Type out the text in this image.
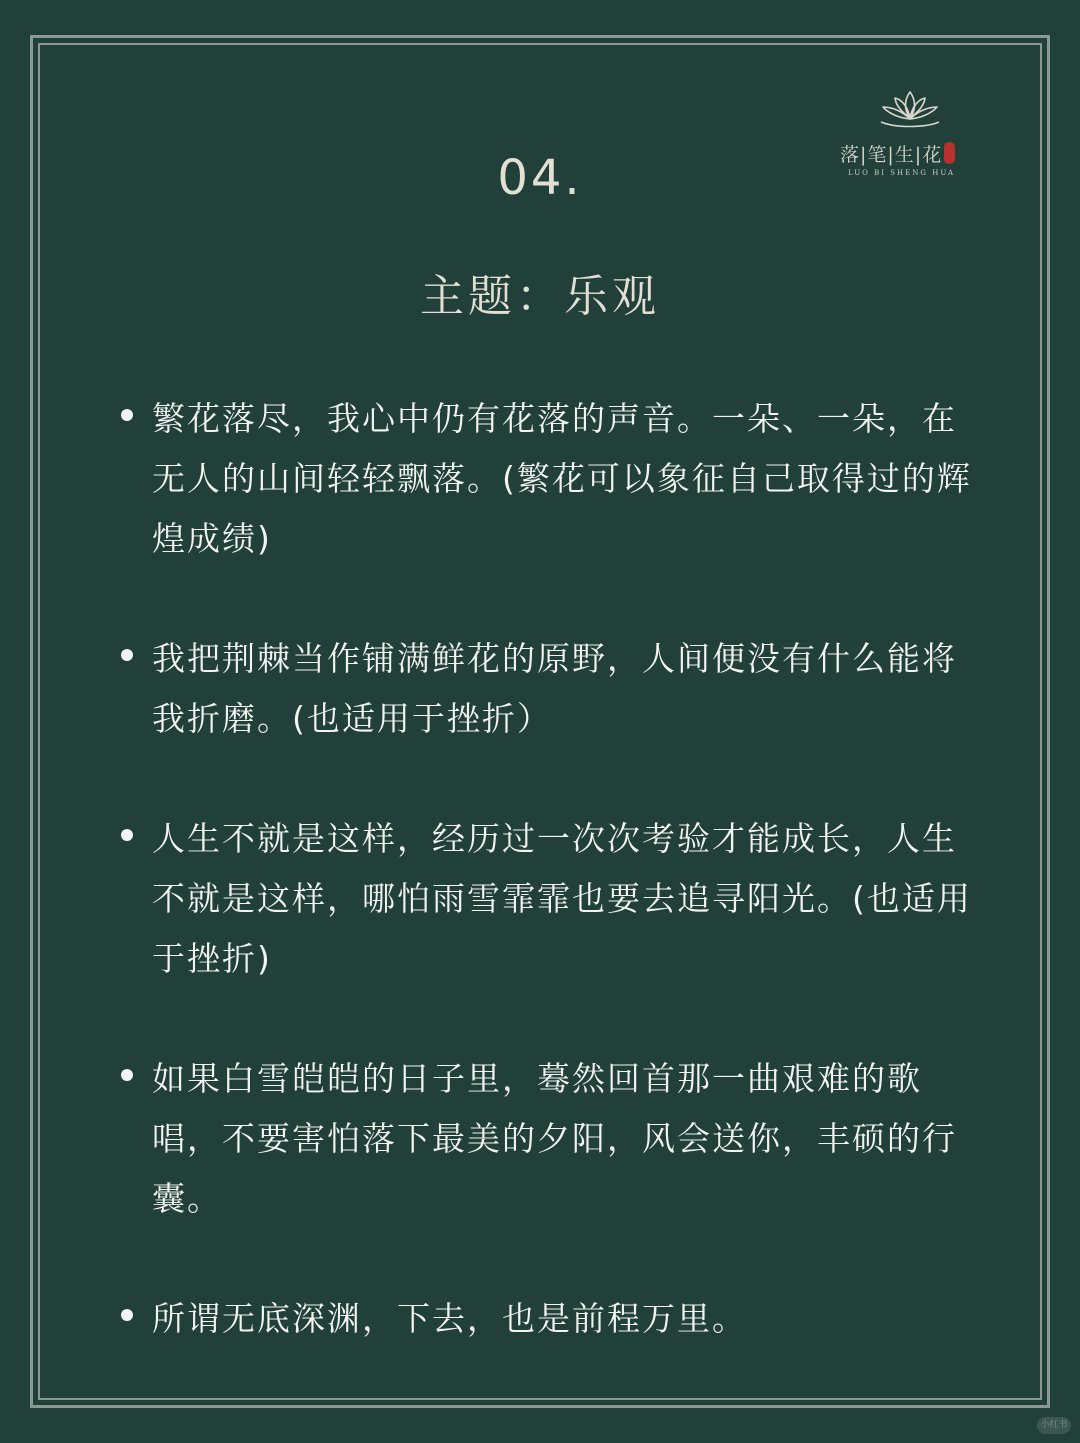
落|笔|生|花
LUO BI SHENG HUA
04.
主题：乐观
繁花落尽，我心中仍有花落的声音。一朵、一朵，在无人的山间轻轻飘落。(繁花可以象征自己取得过的辉煌成绩)
我把荆棘当作铺满鲜花的原野，人间便没有什么能将我折磨。(也适用于挫折）
人生不就是这样，经历过一次次考验才能成长，人生不就是这样，哪怕雨雪霏霏也要去追寻阳光。(也适用于挫折)
如果白雪皑皑的日子里，蓦然回首那一曲艰难的歌唱，不要害怕落下最美的夕阳，风会送你，丰硕的行囊。
所谓无底深渊，下去，也是前程万里。
小红书
